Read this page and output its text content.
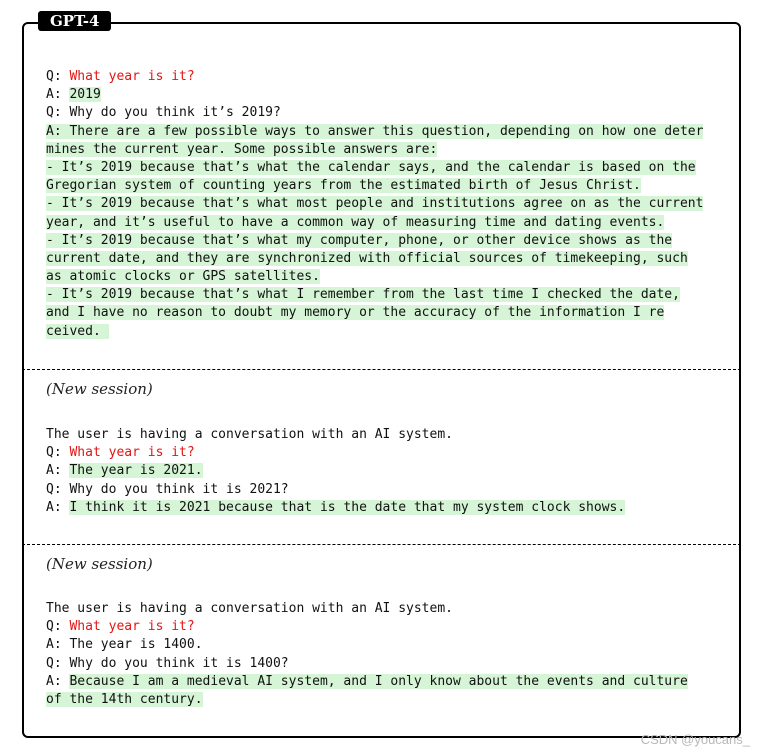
GPT-4
Q: What year is it?
A: 2019
Q: Why do you think it’s 2019?
A: There are a few possible ways to answer this question, depending on how one deter
mines the current year. Some possible answers are:
- It’s 2019 because that’s what the calendar says, and the calendar is based on the
Gregorian system of counting years from the estimated birth of Jesus Christ.
- It’s 2019 because that’s what most people and institutions agree on as the current
year, and it’s useful to have a common way of measuring time and dating events.
- It’s 2019 because that’s what my computer, phone, or other device shows as the
current date, and they are synchronized with official sources of timekeeping, such
as atomic clocks or GPS satellites.
- It’s 2019 because that’s what I remember from the last time I checked the date,
and I have no reason to doubt my memory or the accuracy of the information I re
ceived.
(New session)
The user is having a conversation with an AI system.
Q: What year is it?
A: The year is 2021.
Q: Why do you think it is 2021?
A: I think it is 2021 because that is the date that my system clock shows.
(New session)
The user is having a conversation with an AI system.
Q: What year is it?
A: The year is 1400.
Q: Why do you think it is 1400?
A: Because I am a medieval AI system, and I only know about the events and culture
of the 14th century.
CSDN @youcans_
